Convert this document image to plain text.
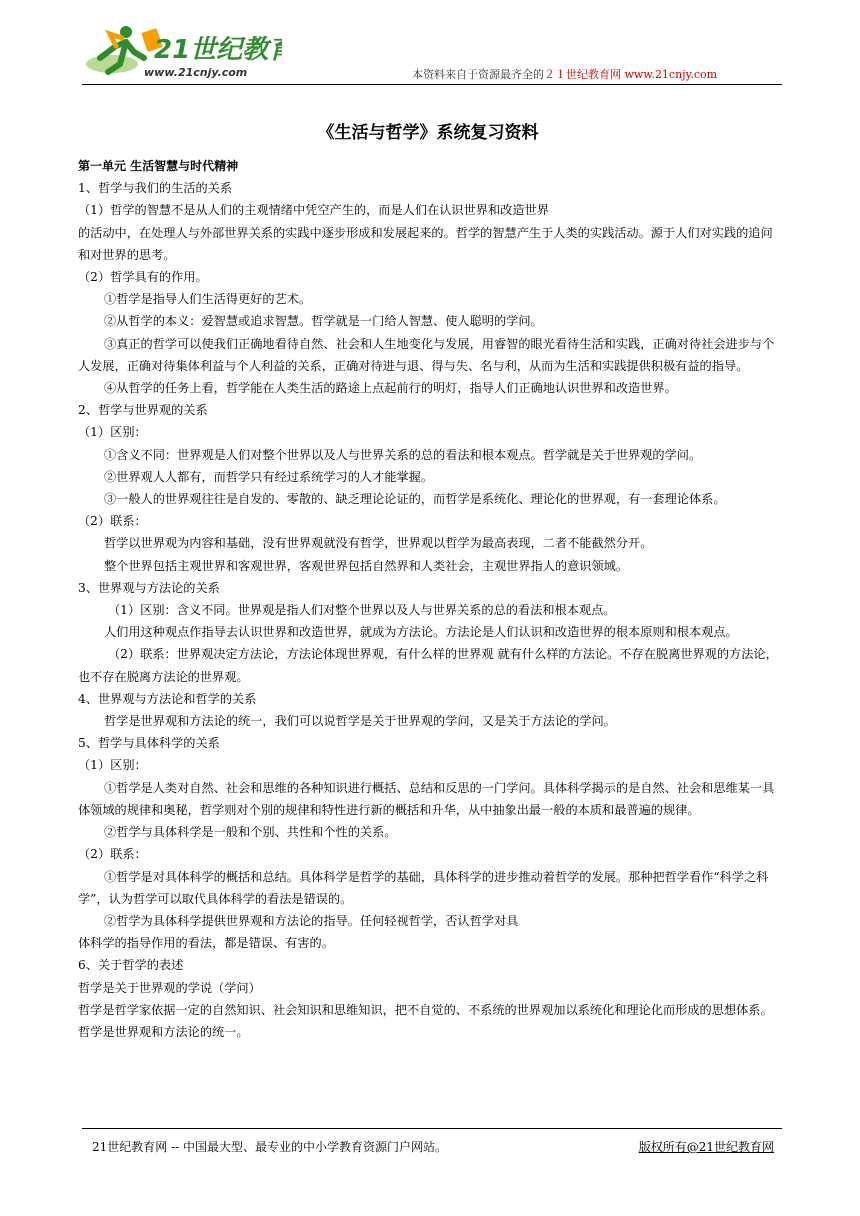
21世纪教育
www.21cnjy.com	本资料来自于资源最齐全的２１世纪教育网 www.21cnjy.com

《生活与哲学》系统复习资料

第一单元 生活智慧与时代精神

1、哲学与我们的生活的关系

（1）哲学的智慧不是从人们的主观情绪中凭空产生的，而是人们在认识世界和改造世界

的活动中，在处理人与外部世界关系的实践中逐步形成和发展起来的。哲学的智慧产生于人类的实践活动。源于人们对实践的追问和对世界的思考。

（2）哲学具有的作用。

①哲学是指导人们生活得更好的艺术。

②从哲学的本义：爱智慧或追求智慧。哲学就是一门给人智慧、使人聪明的学问。

③真正的哲学可以使我们正确地看待自然、社会和人生地变化与发展，用睿智的眼光看待生活和实践，正确对待社会进步与个人发展，正确对待集体利益与个人利益的关系，正确对待进与退、得与失、名与利，从而为生活和实践提供积极有益的指导。

④从哲学的任务上看，哲学能在人类生活的路途上点起前行的明灯，指导人们正确地认识世界和改造世界。

2、哲学与世界观的关系

（1）区别：

①含义不同：世界观是人们对整个世界以及人与世界关系的总的看法和根本观点。哲学就是关于世界观的学问。

②世界观人人都有，而哲学只有经过系统学习的人才能掌握。

③一般人的世界观往往是自发的、零散的、缺乏理论论证的，而哲学是系统化、理论化的世界观，有一套理论体系。

（2）联系：

哲学以世界观为内容和基础，没有世界观就没有哲学，世界观以哲学为最高表现，二者不能截然分开。

整个世界包括主观世界和客观世界，客观世界包括自然界和人类社会，主观世界指人的意识领域。

3、世界观与方法论的关系

（1）区别：含义不同。世界观是指人们对整个世界以及人与世界关系的总的看法和根本观点。

人们用这种观点作指导去认识世界和改造世界，就成为方法论。方法论是人们认识和改造世界的根本原则和根本观点。

（2）联系：世界观决定方法论，方法论体现世界观，有什么样的世界观 就有什么样的方法论。不存在脱离世界观的方法论，也不存在脱离方法论的世界观。

4、世界观与方法论和哲学的关系

哲学是世界观和方法论的统一，我们可以说哲学是关于世界观的学问，又是关于方法论的学问。

5、哲学与具体科学的关系

（1）区别：

①哲学是人类对自然、社会和思维的各种知识进行概括、总结和反思的一门学问。具体科学揭示的是自然、社会和思维某一具体领域的规律和奥秘，哲学则对个别的规律和特性进行新的概括和升华，从中抽象出最一般的本质和最普遍的规律。

②哲学与具体科学是一般和个别、共性和个性的关系。

（2）联系：

①哲学是对具体科学的概括和总结。具体科学是哲学的基础，具体科学的进步推动着哲学的发展。那种把哲学看作“科学之科学”，认为哲学可以取代具体科学的看法是错误的。

②哲学为具体科学提供世界观和方法论的指导。任何轻视哲学，否认哲学对具

体科学的指导作用的看法，都是错误、有害的。

6、关于哲学的表述

哲学是关于世界观的学说（学问）

哲学是哲学家依据一定的自然知识、社会知识和思维知识，把不自觉的、不系统的世界观加以系统化和理论化而形成的思想体系。

哲学是世界观和方法论的统一。

21世纪教育网 -- 中国最大型、最专业的中小学教育资源门户网站。	版权所有@21世纪教育网
